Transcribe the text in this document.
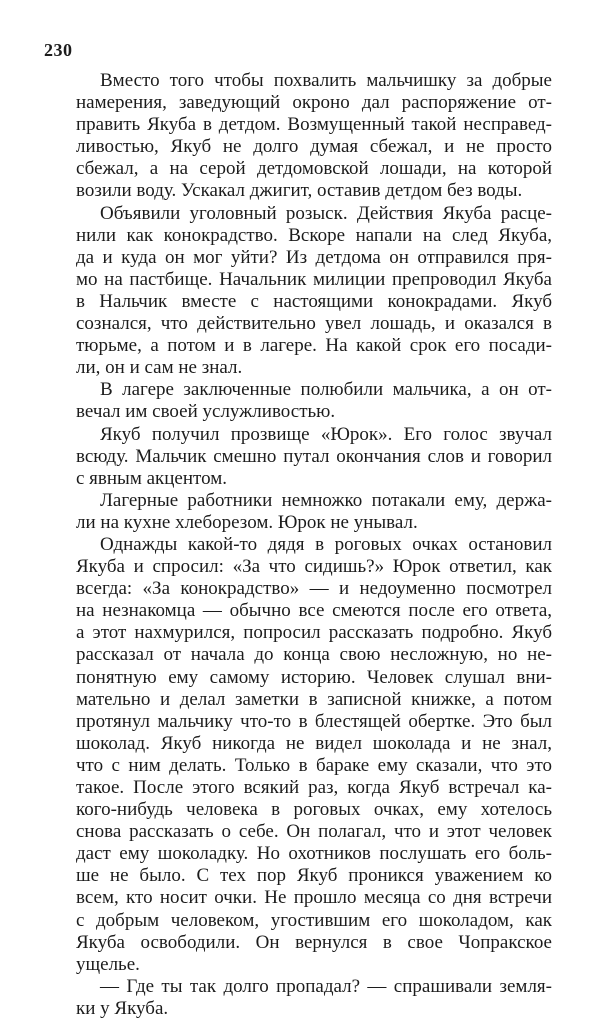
230
Вместо того чтобы похвалить мальчишку за добрые
намерения, заведующий окроно дал распоряжение от-
править Якуба в детдом. Возмущенный такой несправед-
ливостью, Якуб не долго думая сбежал, и не просто
сбежал, а на серой детдомовской лошади, на которой
возили воду. Ускакал джигит, оставив детдом без воды.
Объявили уголовный розыск. Действия Якуба расце-
нили как конокрадство. Вскоре напали на след Якуба,
да и куда он мог уйти? Из детдома он отправился пря-
мо на пастбище. Начальник милиции препроводил Якуба
в Нальчик вместе с настоящими конокрадами. Якуб
сознался, что действительно увел лошадь, и оказался в
тюрьме, а потом и в лагере. На какой срок его посади-
ли, он и сам не знал.
В лагере заключенные полюбили мальчика, а он от-
вечал им своей услужливостью.
Якуб получил прозвище «Юрок». Его голос звучал
всюду. Мальчик смешно путал окончания слов и говорил
с явным акцентом.
Лагерные работники немножко потакали ему, держа-
ли на кухне хлеборезом. Юрок не унывал.
Однажды какой-то дядя в роговых очках остановил
Якуба и спросил: «За что сидишь?» Юрок ответил, как
всегда: «За конокрадство» — и недоуменно посмотрел
на незнакомца — обычно все смеются после его ответа,
а этот нахмурился, попросил рассказать подробно. Якуб
рассказал от начала до конца свою несложную, но не-
понятную ему самому историю. Человек слушал вни-
мательно и делал заметки в записной книжке, а потом
протянул мальчику что-то в блестящей обертке. Это был
шоколад. Якуб никогда не видел шоколада и не знал,
что с ним делать. Только в бараке ему сказали, что это
такое. После этого всякий раз, когда Якуб встречал ка-
кого-нибудь человека в роговых очках, ему хотелось
снова рассказать о себе. Он полагал, что и этот человек
даст ему шоколадку. Но охотников послушать его боль-
ше не было. С тех пор Якуб проникся уважением ко
всем, кто носит очки. Не прошло месяца со дня встречи
с добрым человеком, угостившим его шоколадом, как
Якуба освободили. Он вернулся в свое Чопракское
ущелье.
— Где ты так долго пропадал? — спрашивали земля-
ки у Якуба.
